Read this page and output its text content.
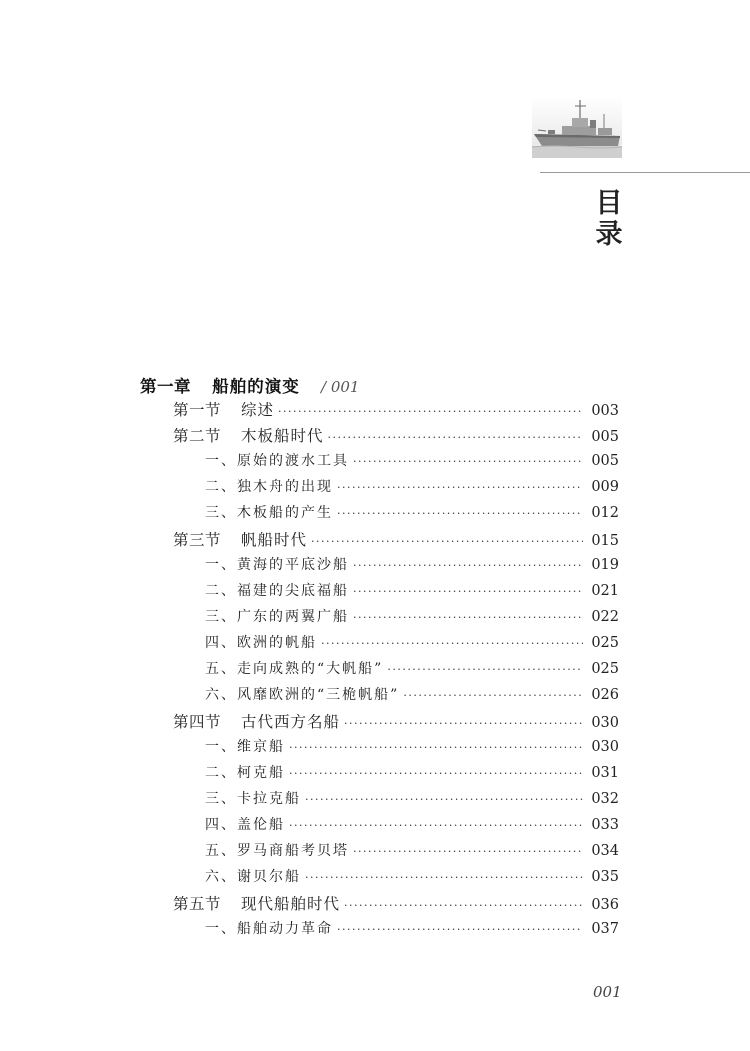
目
录
第一章 船舶的演变 / 001
第一节 综述 ·····	003
第二节 木板船时代 ·····	005
一、原始的渡水工具 ·····	005
二、独木舟的出现 ·····	009
三、木板船的产生 ·····	012
第三节 帆船时代 ·····	015
一、黄海的平底沙船 ·····	019
二、福建的尖底福船 ·····	021
三、广东的两翼广船 ·····	022
四、欧洲的帆船 ·····	025
五、走向成熟的“大帆船” ·····	025
六、风靡欧洲的“三桅帆船” ·····	026
第四节 古代西方名船 ·····	030
一、维京船 ·····	030
二、柯克船 ·····	031
三、卡拉克船 ·····	032
四、盖伦船 ·····	033
五、罗马商船考贝塔 ·····	034
六、谢贝尔船 ·····	035
第五节 现代船舶时代 ·····	036
一、船舶动力革命 ·····	037
001
